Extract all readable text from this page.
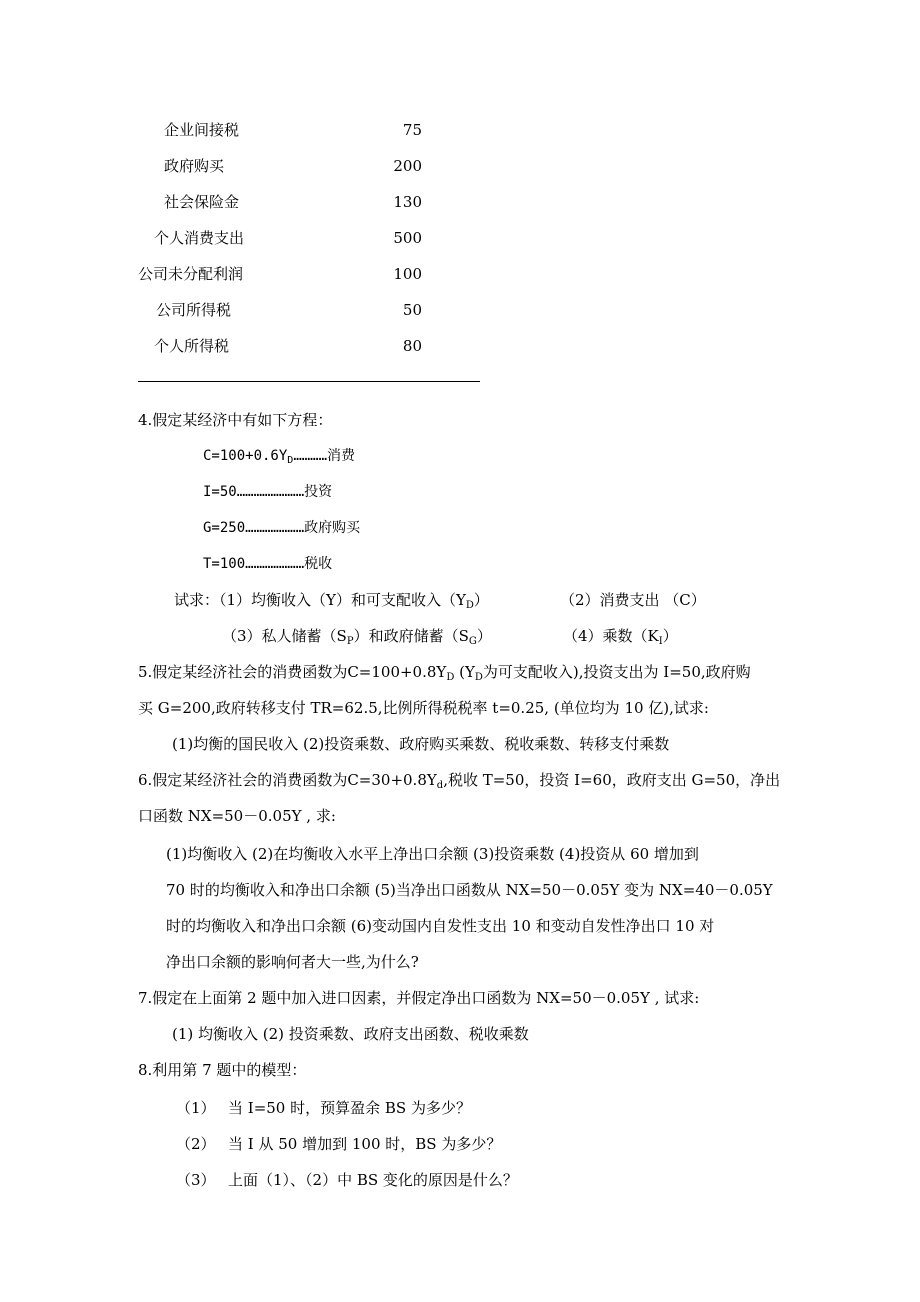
企业间接税	75
政府购买	200
社会保险金	130
个人消费支出	500
公司未分配利润	100
公司所得税	50
个人所得税	80
4.假定某经济中有如下方程：
$C=100+0.6Y_D\dots\dots\dots\dots$消费
I=50……………………投资
G=250…………………政府购买
T=100…………………税收
试求：（1）均衡收入（Y）和可支配收入$(Y_D)$	（2）消费支出 （C）
（3）私人储蓄$(S_P)$和政府储蓄$(S_G)$	（4）乘数$(K_I)$
5.假定某经济社会的消费函数为$C=100+0.8Y_D$ ($Y_D$为可支配收入),投资支出为 I=50,政府购
买 G=200,政府转移支付 TR=62.5,比例所得税税率 t=0.25, (单位均为 10 亿),试求:
(1)均衡的国民收入 (2)投资乘数、政府购买乘数、税收乘数、转移支付乘数
6.假定某经济社会的消费函数为$C=30+0.8Y_d$,税收 T=50，投资 I=60，政府支出 G=50，净出
口函数 NX=50－0.05Y , 求:
(1)均衡收入 (2)在均衡收入水平上净出口余额 (3)投资乘数 (4)投资从 60 增加到
70 时的均衡收入和净出口余额 (5)当净出口函数从 NX=50－0.05Y 变为 NX=40－0.05Y
时的均衡收入和净出口余额 (6)变动国内自发性支出 10 和变动自发性净出口 10 对
净出口余额的影响何者大一些,为什么?
7.假定在上面第 2 题中加入进口因素，并假定净出口函数为 NX=50－0.05Y , 试求:
(1) 均衡收入 (2) 投资乘数、政府支出函数、税收乘数
8.利用第 7 题中的模型：
（1） 当 I=50 时，预算盈余 BS 为多少？
（2） 当 I 从 50 增加到 100 时，BS 为多少？
（3） 上面（1）、（2）中 BS 变化的原因是什么？
